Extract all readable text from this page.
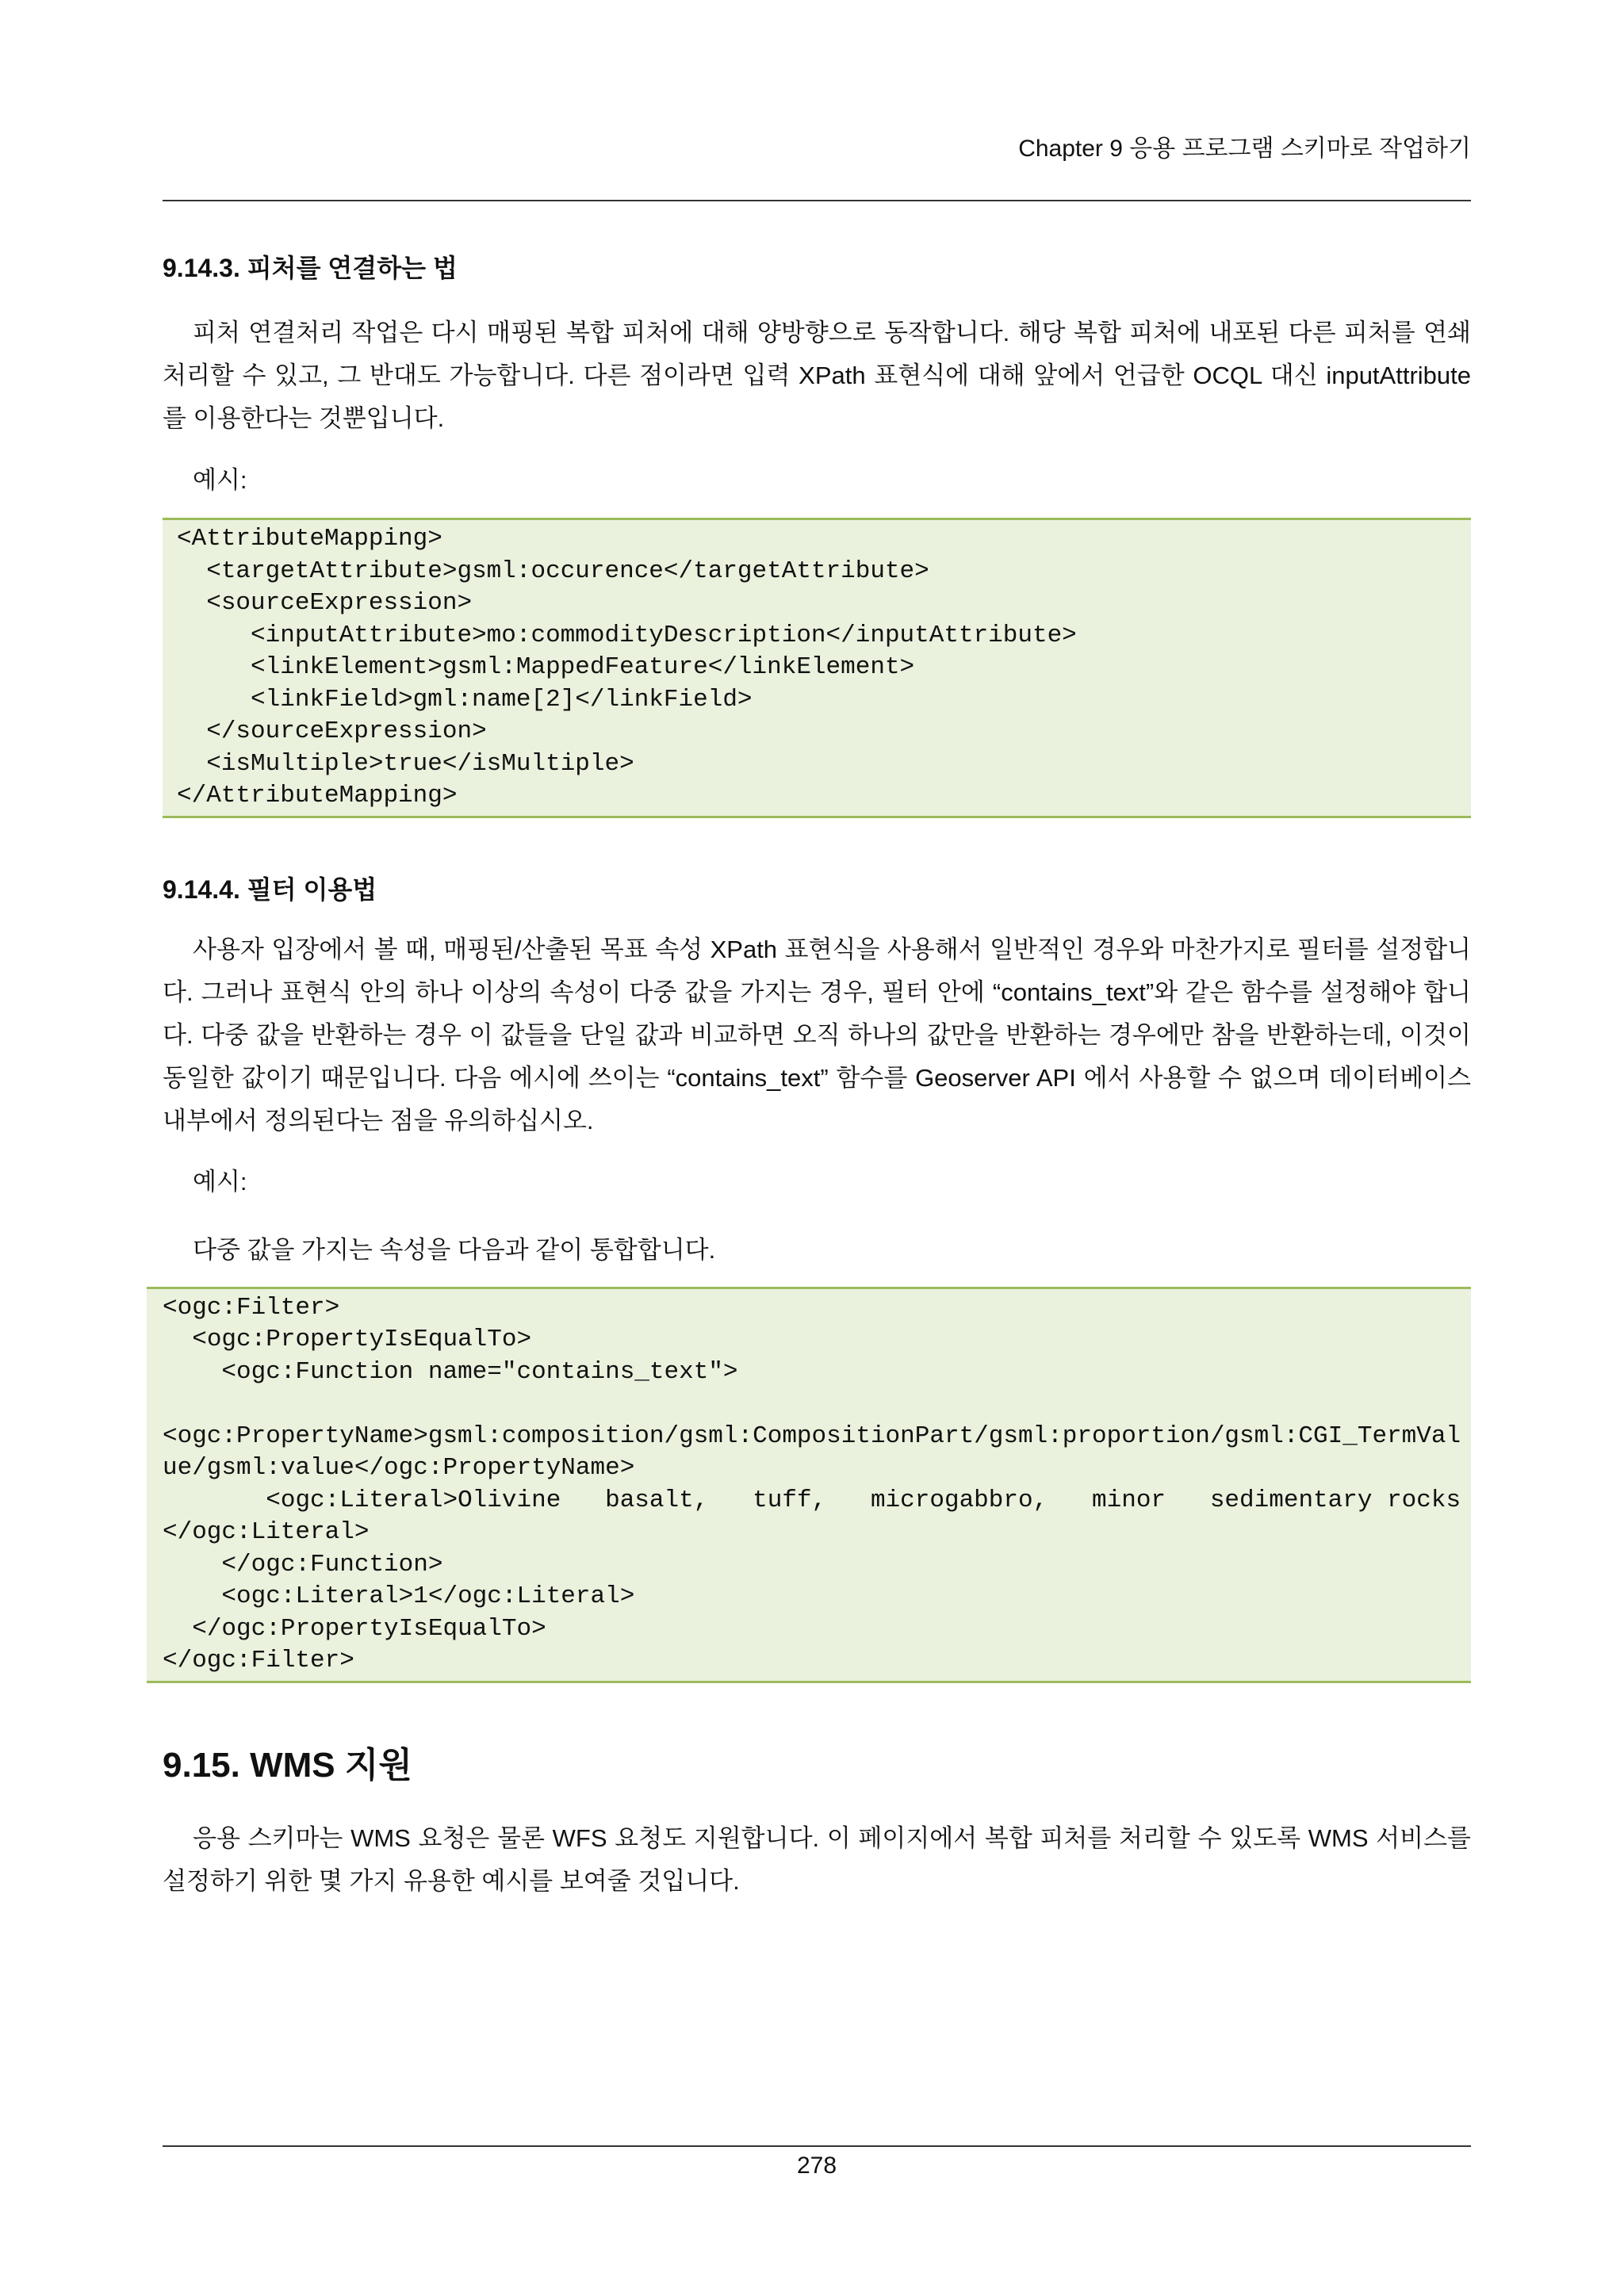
Chapter 9 응용 프로그램 스키마로 작업하기
9.14.3. 피처를 연결하는 법

피처 연결처리 작업은 다시 매핑된 복합 피처에 대해 양방향으로 동작합니다. 해당 복합 피처에 내포된 다른 피처를 연쇄 처리할 수 있고, 그 반대도 가능합니다. 다른 점이라면 입력 XPath 표현식에 대해 앞에서 언급한 OCQL 대신 inputAttribute 를 이용한다는 것뿐입니다.

예시:

<AttributeMapping>
<targetAttribute>gsml:occurence</targetAttribute>
<sourceExpression>
<inputAttribute>mo:commodityDescription</inputAttribute>
<linkElement>gsml:MappedFeature</linkElement>
<linkField>gml:name[2]</linkField>
</sourceExpression>
<isMultiple>true</isMultiple>
</AttributeMapping>
9.14.4. 필터 이용법

사용자 입장에서 볼 때, 매핑된/산출된 목표 속성 XPath 표현식을 사용해서 일반적인 경우와 마찬가지로 필터를 설정합니다. 그러나 표현식 안의 하나 이상의 속성이 다중 값을 가지는 경우, 필터 안에 “contains_text”와 같은 함수를 설정해야 합니다. 다중 값을 반환하는 경우 이 값들을 단일 값과 비교하면 오직 하나의 값만을 반환하는 경우에만 참을 반환하는데, 이것이 동일한 값이기 때문입니다. 다음 에시에 쓰이는 “contains_text” 함수를 Geoserver API 에서 사용할 수 없으며 데이터베이스 내부에서 정의된다는 점을 유의하십시오.

예시:

다중 값을 가지는 속성을 다음과 같이 통합합니다.

<ogc:Filter>
<ogc:PropertyIsEqualTo>
<ogc:Function name="contains_text">

<ogc:PropertyName>gsml:composition/gsml:CompositionPart/gsml:proportion/gsml:CGI_TermValue/gsml:value</ogc:PropertyName>
<ogc:Literal>Olivine   basalt,   tuff,   microgabbro,   minor   sedimentary rocks</ogc:Literal>
</ogc:Function>
<ogc:Literal>1</ogc:Literal>
</ogc:PropertyIsEqualTo>
</ogc:Filter>
9.15. WMS 지원

응용 스키마는 WMS 요청은 물론 WFS 요청도 지원합니다. 이 페이지에서 복합 피처를 처리할 수 있도록 WMS 서비스를 설정하기 위한 몇 가지 유용한 예시를 보여줄 것입니다.

278
